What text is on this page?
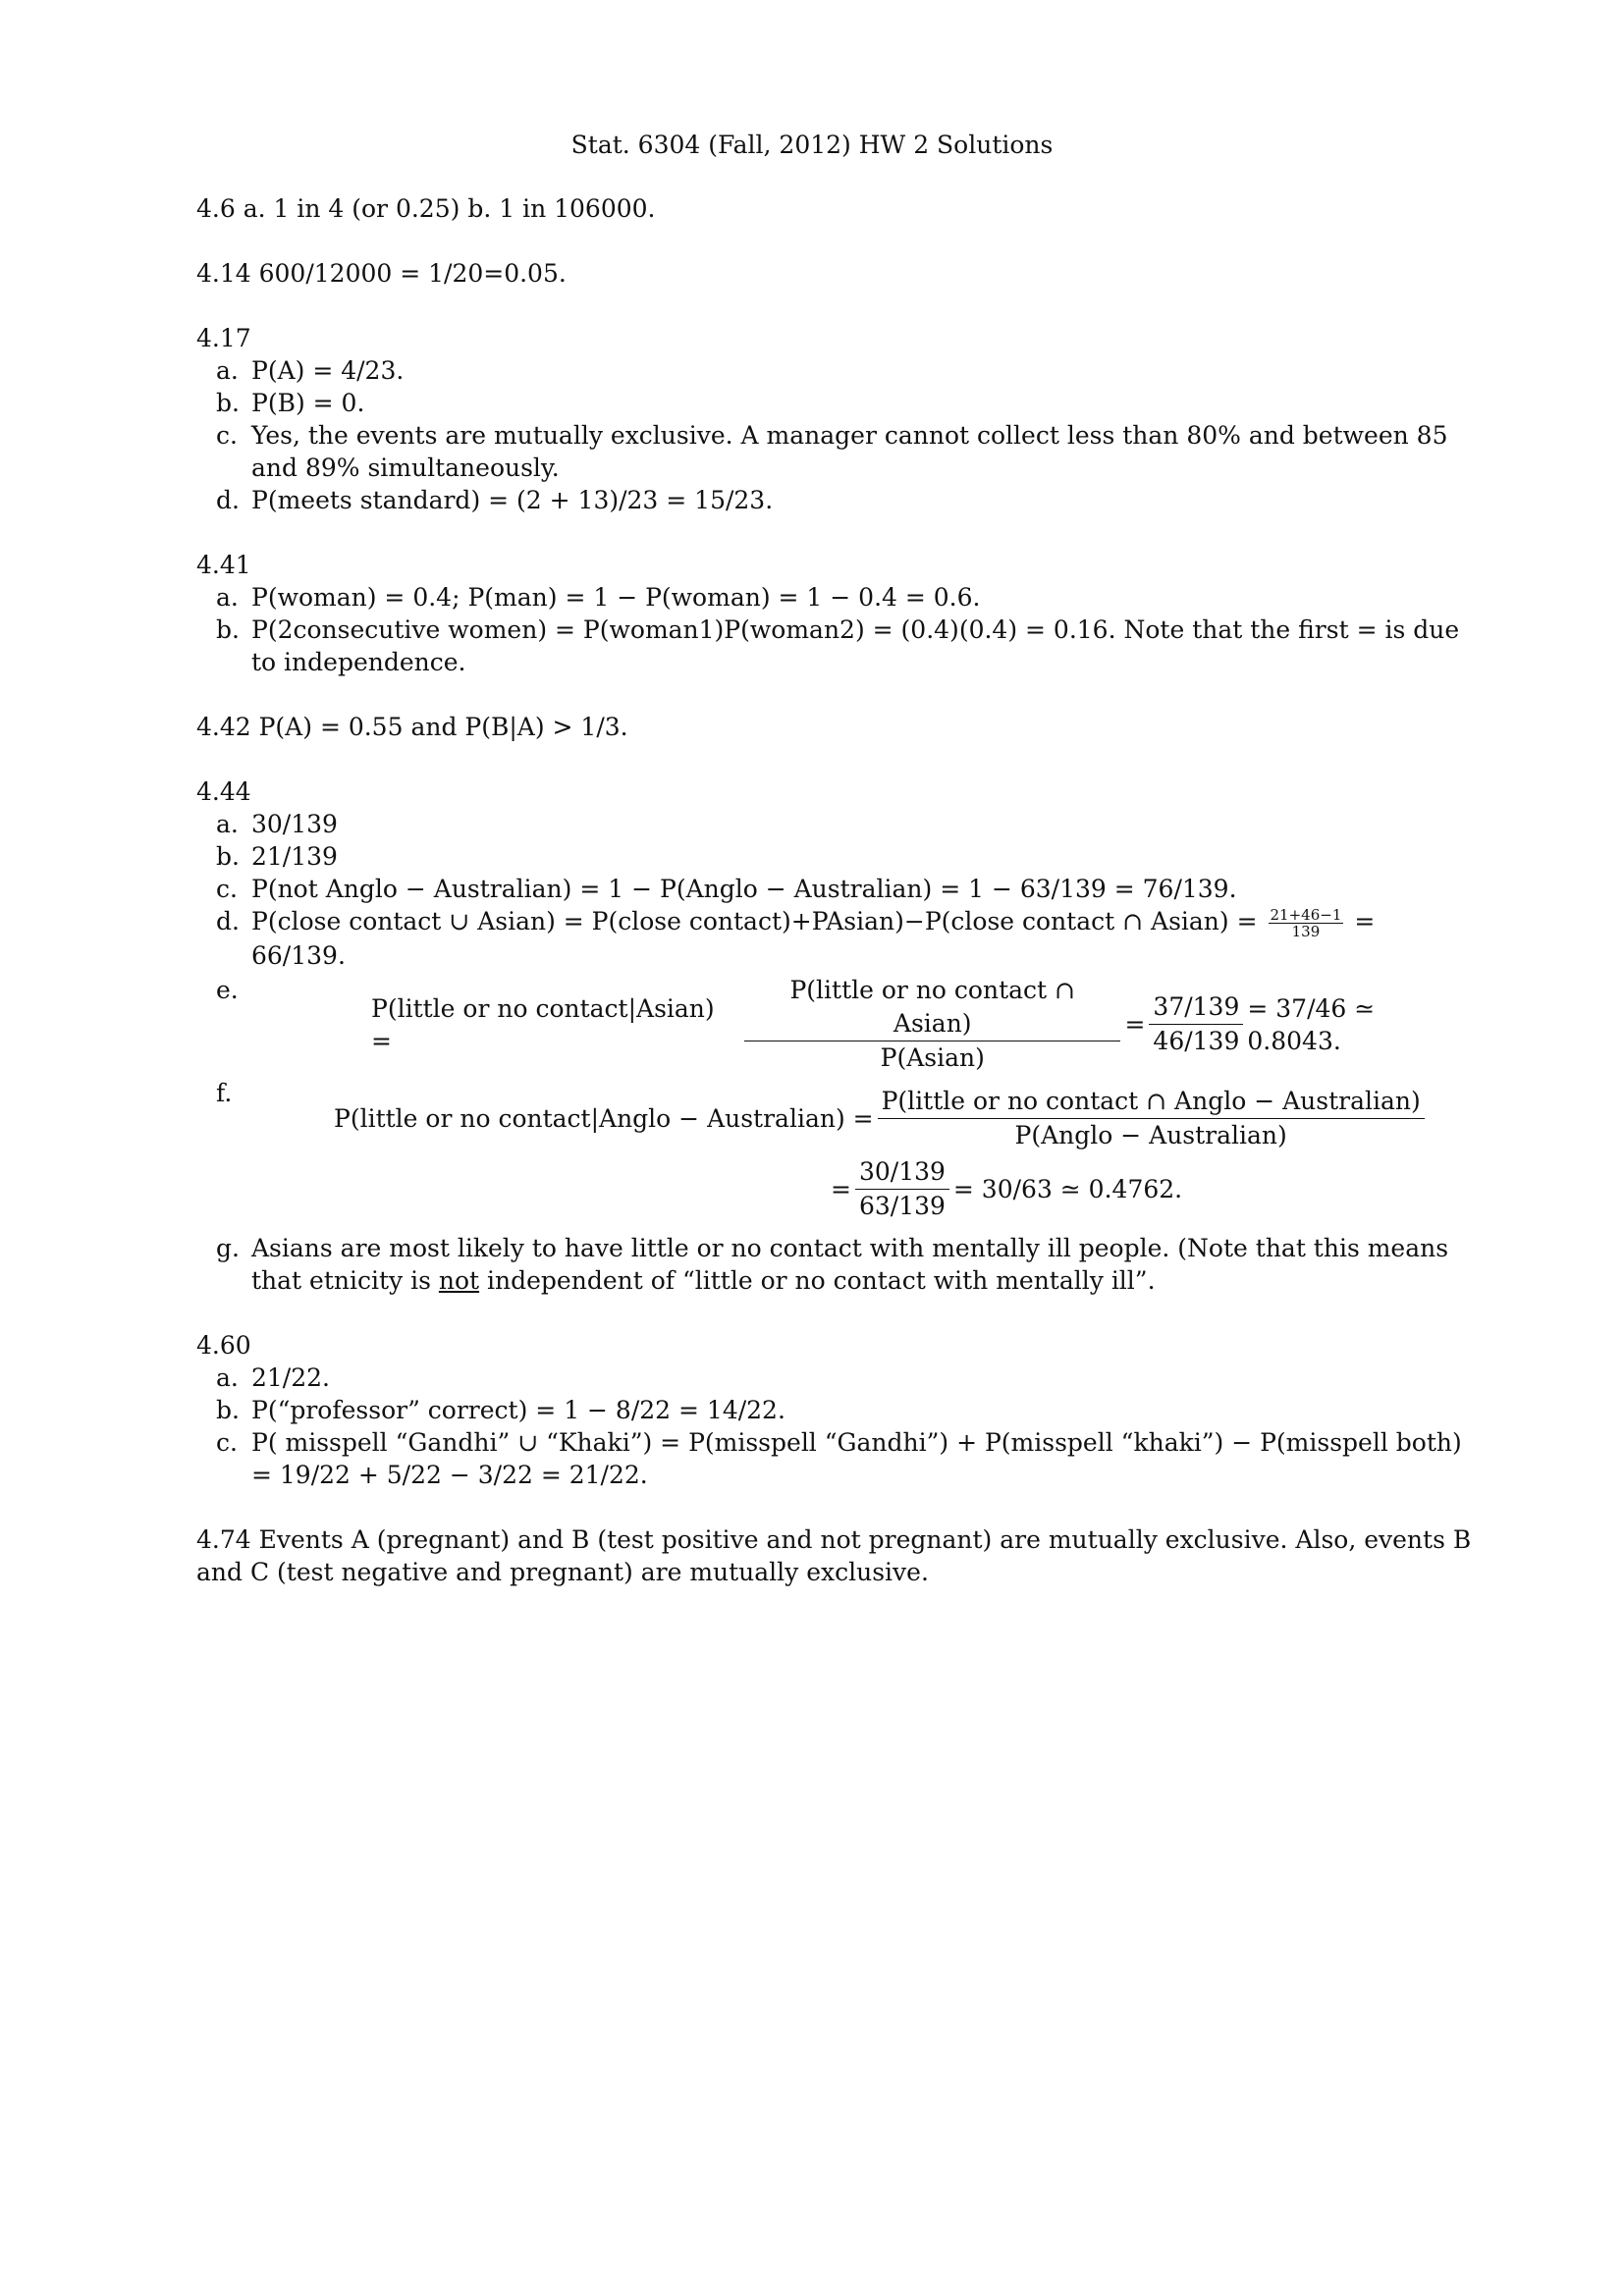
Stat. 6304 (Fall, 2012) HW 2 Solutions
4.6 a. 1 in 4 (or 0.25) b. 1 in 106000.
4.14 600/12000 = 1/20=0.05.
4.17
a. P(A) = 4/23.
b. P(B) = 0.
c. Yes, the events are mutually exclusive. A manager cannot collect less than 80% and between 85 and 89% simultaneously.
d. P(meets standard) = (2 + 13)/23 = 15/23.
4.41
a. P(woman) = 0.4; P(man) = 1 − P(woman) = 1 − 0.4 = 0.6.
b. P(2consecutive women) = P(woman1)P(woman2) = (0.4)(0.4) = 0.16. Note that the first = is due to independence.
4.42 P(A) = 0.55 and P(B|A) > 1/3.
4.44
a. 30/139
b. 21/139
c. P(not Anglo − Australian) = 1 − P(Anglo − Australian) = 1 − 63/139 = 76/139.
d. P(close contact ∪ Asian) = P(close contact)+PAsian)−P(close contact ∩ Asian) = $\frac{21+46-1}{139} = 66/139$.
e.
P(little or no contact|Asian) =	$\frac{\text{P(little or no contact ∩ Asian)}}{\text{P(Asian)}} = \frac{37/139}{46/139} = 37/46$ ≃ 0.8043.
f.
P(little or no contact|Anglo − Australian) = $\frac{\text{P(little or no contact ∩ Anglo − Australian)}}{\text{P(Anglo − Australian)}}$
= $\frac{30/139}{63/139} = 30/63$ ≃ 0.4762.
g. Asians are most likely to have little or no contact with mentally ill people. (Note that this means that etnicity is not independent of “little or no contact with mentally ill”.
4.60
a. 21/22.
b. P(“professor” correct) = 1 − 8/22 = 14/22.
c. P( misspell “Gandhi” ∪ “Khaki”) = P(misspell “Gandhi”) + P(misspell “khaki”) − P(misspell both) = 19/22 + 5/22 − 3/22 = 21/22.
4.74 Events A (pregnant) and B (test positive and not pregnant) are mutually exclusive. Also, events B and C (test negative and pregnant) are mutually exclusive.
